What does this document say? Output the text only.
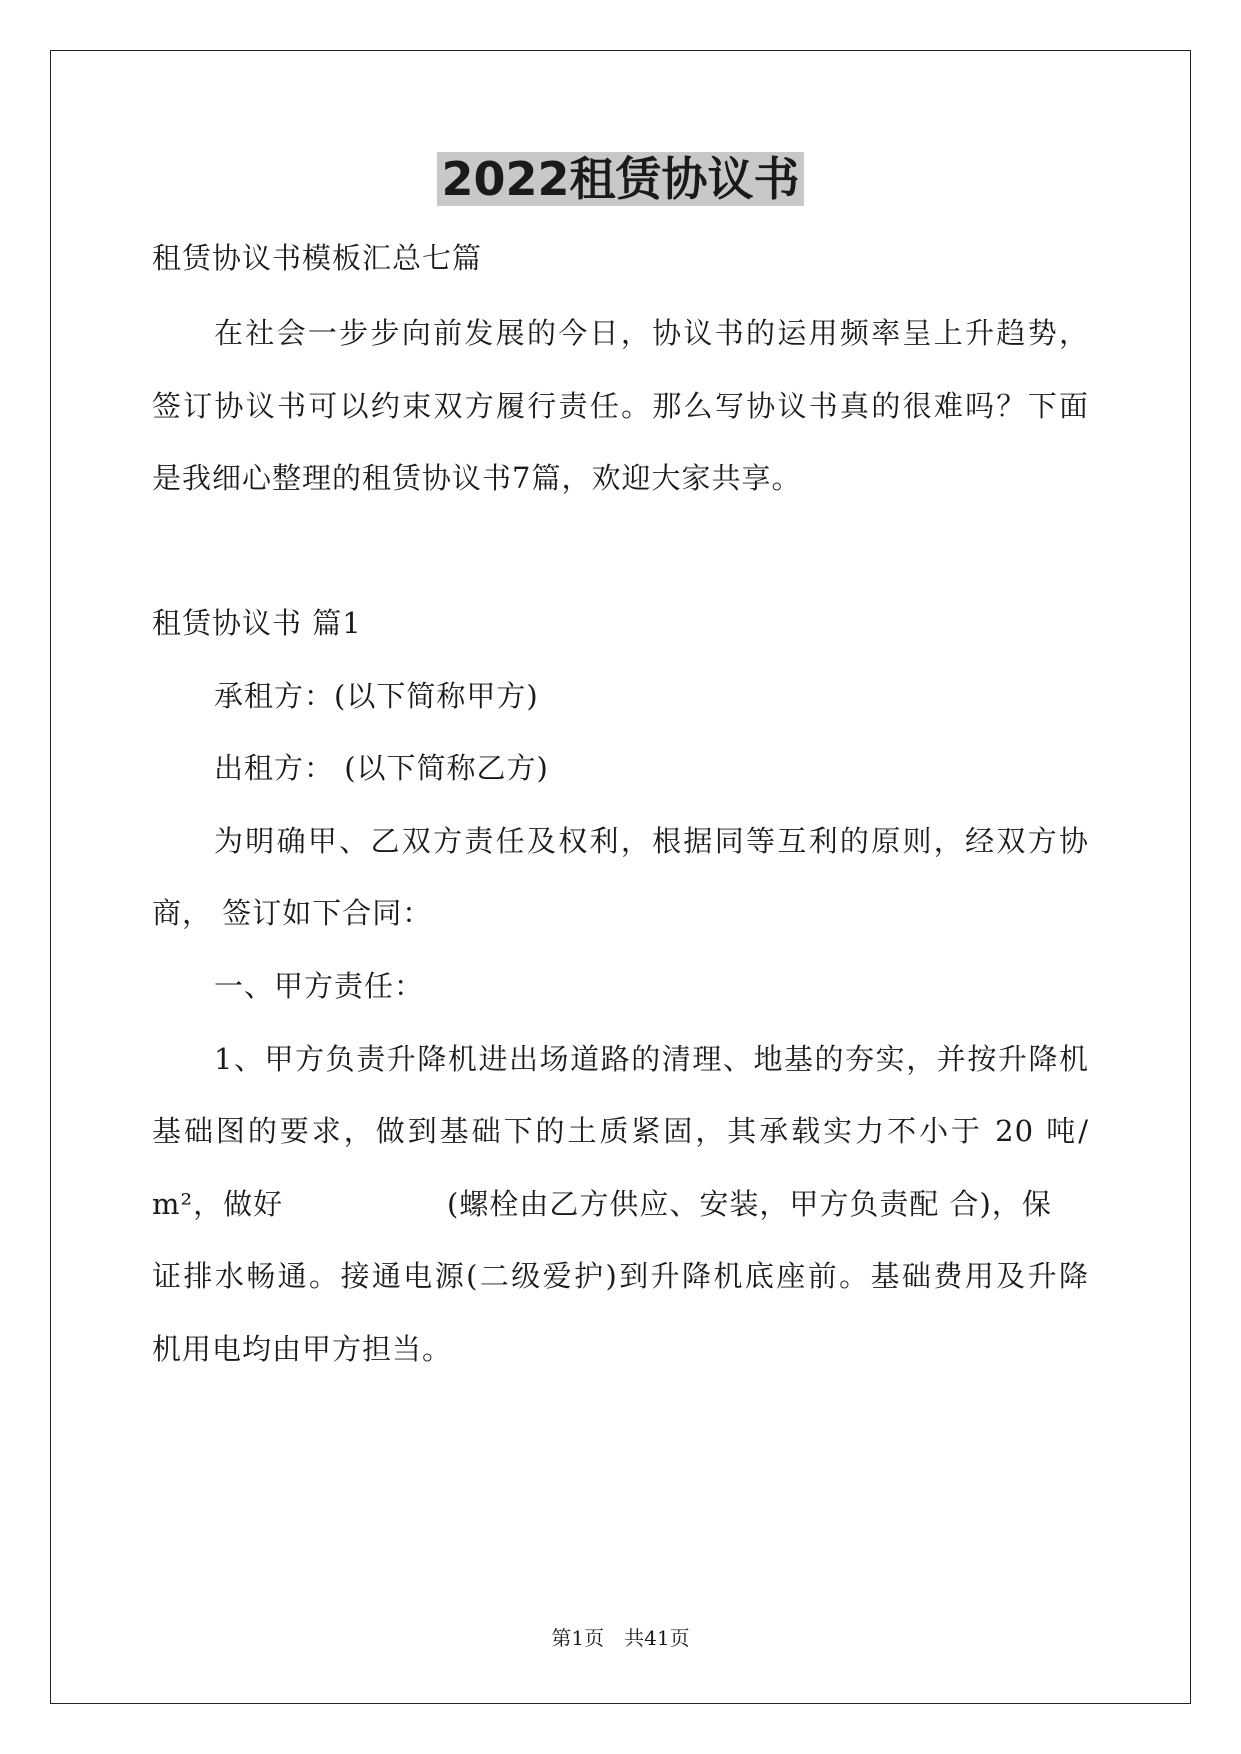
2022租赁协议书
租赁协议书模板汇总七篇
在社会一步步向前发展的今日，协议书的运用频率呈上升趋势，
签订协议书可以约束双方履行责任。那么写协议书真的很难吗？下面
是我细心整理的租赁协议书7篇，欢迎大家共享。
租赁协议书 篇1
承租方：(以下简称甲方)
出租方： (以下简称乙方)
为明确甲、乙双方责任及权利，根据同等互利的原则，经双方协
商， 签订如下合同：
一、甲方责任：
1、甲方负责升降机进出场道路的清理、地基的夯实，并按升降机
基础图的要求，做到基础下的土质紧固，其承载实力不小于 20 吨/
m²，做好	(螺栓由乙方供应、安装，甲方负责配 合)，保
证排水畅通。接通电源(二级爱护)到升降机底座前。基础费用及升降
机用电均由甲方担当。
第1页　共41页
